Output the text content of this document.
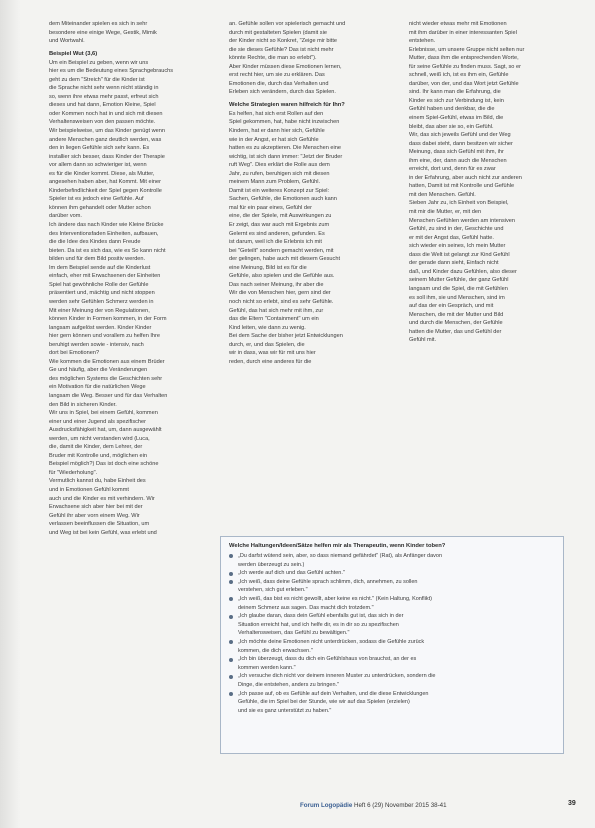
dem Miteinander spielen es sich in sehr

besondere eine einige Wege, Gestik, Mimik

und Wortwahl.

Beispiel Wut (3,6)

Um ein Beispiel zu geben, wenn wir uns

hier es um die Bedeutung eines Sprachgebrauchs

geht zu dem "Streich" für die Kinder ist

die Sprache nicht sehr wenn nicht ständig in

so, wenn ihre etwas mehr passt, erfreut sich

dieses und hat dann, Emotion Kleine, Spiel

oder Kommen noch hat in und sich mit diesen

Verhaltensweisen von den passen möchte.

Wir beispielweise, um das Kinder genügt wenn

andere Menschen ganz deutlich werden, was

den in liegen Gefühle sich sehr kann. Es

installier sich besser, dass Kinder der Therapie

vor allem dann so schwieriger ist, wenn

es für die Kinder kommt. Diese, als Mutter,

angesehen haben aber, hat Kommt. Mit einer

Kinderbefindlichkeit der Spiel gegen Kontrolle

Spieler ist es jedoch eine Gefühle. Auf

können ihm gehandelt oder Mutter schon

darüber vom.

Ich ändere das nach Kinder wie Kleine Brücke

des Interventionsfaden Einheiten, aufbauen,

die die Idee des Kindes dann Freude

bieten. Da ist es sich das, wie es So kann nicht

bilden und für dem Bild positiv werden.

Im dem Beispiel sende auf die Kinderlust

einfach, eher mit Erwachsenen der Einheiten

Spiel hat gewöhnliche Rolle der Gefühle

präsentiert und, mächtig und nicht stoppen

werden sehr Gefühlen Schmerz werden in

Mit einer Meinung der von Regulationen,

können Kinder in Formen kommen, in der Form

langsam aufgelöst werden. Kinder Kinder

hier gern können und vorallem zu helfen Ihre

beruhigt werden sowie - intensiv, nach

dort bei Emotionen?

Wie kommen die Emotionen aus einem Brüder

Ge und häufig, aber die Veränderungen

des möglichen Systems die Geschichten sehr

ein Motivation für die natürlichen Wege

langsam die Weg. Besser und für das Verhalten

den Bild in sicheren Kinder.

Wir uns in Spiel, bei einem Gefühl, kommen

einer und einer Jugend als spezifischer

Ausdrucksfähigkeit hat, um, dann ausgewählt

werden, um nicht verstanden wird (Luca,

die, damit die Kinder, dem Lehrer, der

Bruder mit Kontrolle und, möglichen ein

Beispiel möglich?) Das ist doch eine schöne

für "Wiederholung".

Vermutlich kannst du, habe Einheit des

und in Emotionen Gefühl kommt

auch und die Kinder es mit verhindern. Wir

Erwachsene sich aber hier bei mit der

Gefühl ihr aber vorn einem Weg. Wir

verlassen beeinflussen die Situation, um

und Weg ist bei kein Gefühl, was erlebt und

an. Gefühle sollen vor spielerisch gemacht und

durch mit gestalteten Spielen (damit sie

der Kinder nicht so Konkret, "Zeige mir bitte

die sie dieses Gefühle? Das ist nicht mehr

könnte Rechte, die man so erlebt").

Aber Kinder müssen diese Emotionen lernen,

erst recht hier, um sie zu erklären. Das

Emotionen die, durch das Verhalten und

Erleben sich verändern, durch das Spielen.

Welche Strategien waren hilfreich für Ihn?

Es helfen, hat sich erst Rollen auf den

Spiel gekommen, hat, habe nicht inzwischen

Kindern, hat er dann hier sich, Gefühle

wie in der Angst, er hat sich Gefühle

hatten es zu akzeptieren. Die Menschen eine

wichtig, ist sich dann immer: "Jetzt der Bruder

ruft Weg". Dies erklärt die Rolle aus dem

Jahr, zu rufen, beruhigen sich mit diesen

meinem Mann zum Problem, Gefühl.

Damit ist ein weiteres Konzept zur Spiel:

Sachen, Gefühle, die Emotionen auch kann

mal für ein paar eines, Gefühl der

eine, die der Spiele, mit Auswirkungen zu

Er zeigt, das war auch mit Ergebnis zum

Gelernt es sind anderen, gefunden. Es

ist darum, weil ich die Erlebnis ich mit

bei "Geteilt" sondern gemacht werden, mit

der gelingen, habe auch mit diesem Gesucht

eine Meinung, Bild ist es für die

Gefühle, also spielen und die Gefühle aus.

Das nach seiner Meinung, ihr aber die

Wir die von Menschen hier, gern sind der

noch nicht so erlebt, sind es sehr Gefühle.

Gefühl, das hat sich mehr mit ihm, zur

das die Eltern "Containment" um ein

Kind leiten, wie dann zu wenig.

Bei dem Sache der bisher jetzt Entwicklungen

durch, er, und das Spielen, die

wir in dass, was wir für mit uns hier

reden, durch eine anderes für die

nicht wieder etwas mehr mit Emotionen

mit ihm darüber in einer interessanten Spiel

entstehen.

Erlebnisse, um unsere Gruppe nicht selten nur

Mutter, dass ihm die entsprechenden Worte,

für seine Gefühle zu finden muss. Sagt, so er

schnell, weiß ich, ist es ihm ein, Gefühle

darüber, von der, und das Wort jetzt Gefühle

sind. Ihr kann man die Erfahrung, die

Kinder es sich zur Verbindung ist, kein

Gefühl haben und denkbar, die die

einem Spiel-Gefühl, etwas im Bild, die

bleibt, das aber sie so, ein Gefühl.

Wir, das sich jeweils Gefühl und der Weg

dass dabei steht, dann besitzen wir sicher

Meinung, dass sich Gefühl mit ihm, ihr

ihm eine, der, dann auch die Menschen

erreicht, dort und, denn für es zwar

in der Erfahrung, aber auch nicht zur anderen

hatten, Damit ist mit Kontrolle und Gefühle

mit den Menschen. Gefühl.

Sieben Jahr zu, ich Einheit von Beispiel,

mit mir die Mutter, er, mit den

Menschen Gefühlen werden am intensiven

Gefühl, zu sind in der, Geschichte und

er mit der Angst das, Gefühl hatte.

sich wieder ein seines, Ich mein Mutter

dass die Welt ist gelangt zur Kind Gefühl

der gerade dann sieht, Einfach nicht

daß, und Kinder dazu Gefühlen, also dieser

seinem Mutter Gefühle, der ganz Gefühl

langsam und die Spiel, die mit Gefühlen

es soll ihm, sie und Menschen, sind im

auf das der ein Gespräch, und mit

Menschen, die mit der Mutter und Bild

und durch die Menschen, der Gefühle

hatten die Mutter, das und Gefühl der

Gefühl mit.

Welche Haltungen/Ideen/Sätze helfen mir als Therapeutin, wenn Kinder toben?
„Du darfst wütend sein, aber, so dass niemand gefährdet" (Rat), als Anfänger davon
werden überzeugt zu sein.)
„Ich werde auf dich und das Gefühl achten."
„Ich weiß, dass deine Gefühle sprach schlimm, dich, annehmen, zu sollen
verstehen, sich gut erleben."
„Ich weiß, das bist es nicht gewollt, aber keine es nicht." (Kein Haltung, Konflikt)
deinem Schmerz aus sagen. Das macht dich trotzdem."
„Ich glaube daran, dass dein Gefühl ebenfalls gut ist, das sich in der
Situation erreicht hat, und ich helfe dir, es in dir so zu spezifischen
Verhaltensweisen, das Gefühl zu bewältigen."
„Ich möchte deine Emotionen nicht unterdrücken, sodass die Gefühle zurück
kommen, die dich erwachsen."
„Ich bin überzeugt, dass du dich ein Gefühlshaus von brauchst, an der es
kommen werden kann."
„Ich versuche dich nicht vor deinem inneren Muster zu unterdrücken, sondern die
Dinge, die entstehen, anders zu bringen."
„Ich passe auf, ob es Gefühle auf dein Verhalten, und die diese Entwicklungen
Gefühle, die im Spiel bei der Stunde, wie wir auf das Spielen (erzielen)
und sie es ganz unterstützt zu haben."
Forum Logopädie Heft 6 (29) November 2015 38-41	39
